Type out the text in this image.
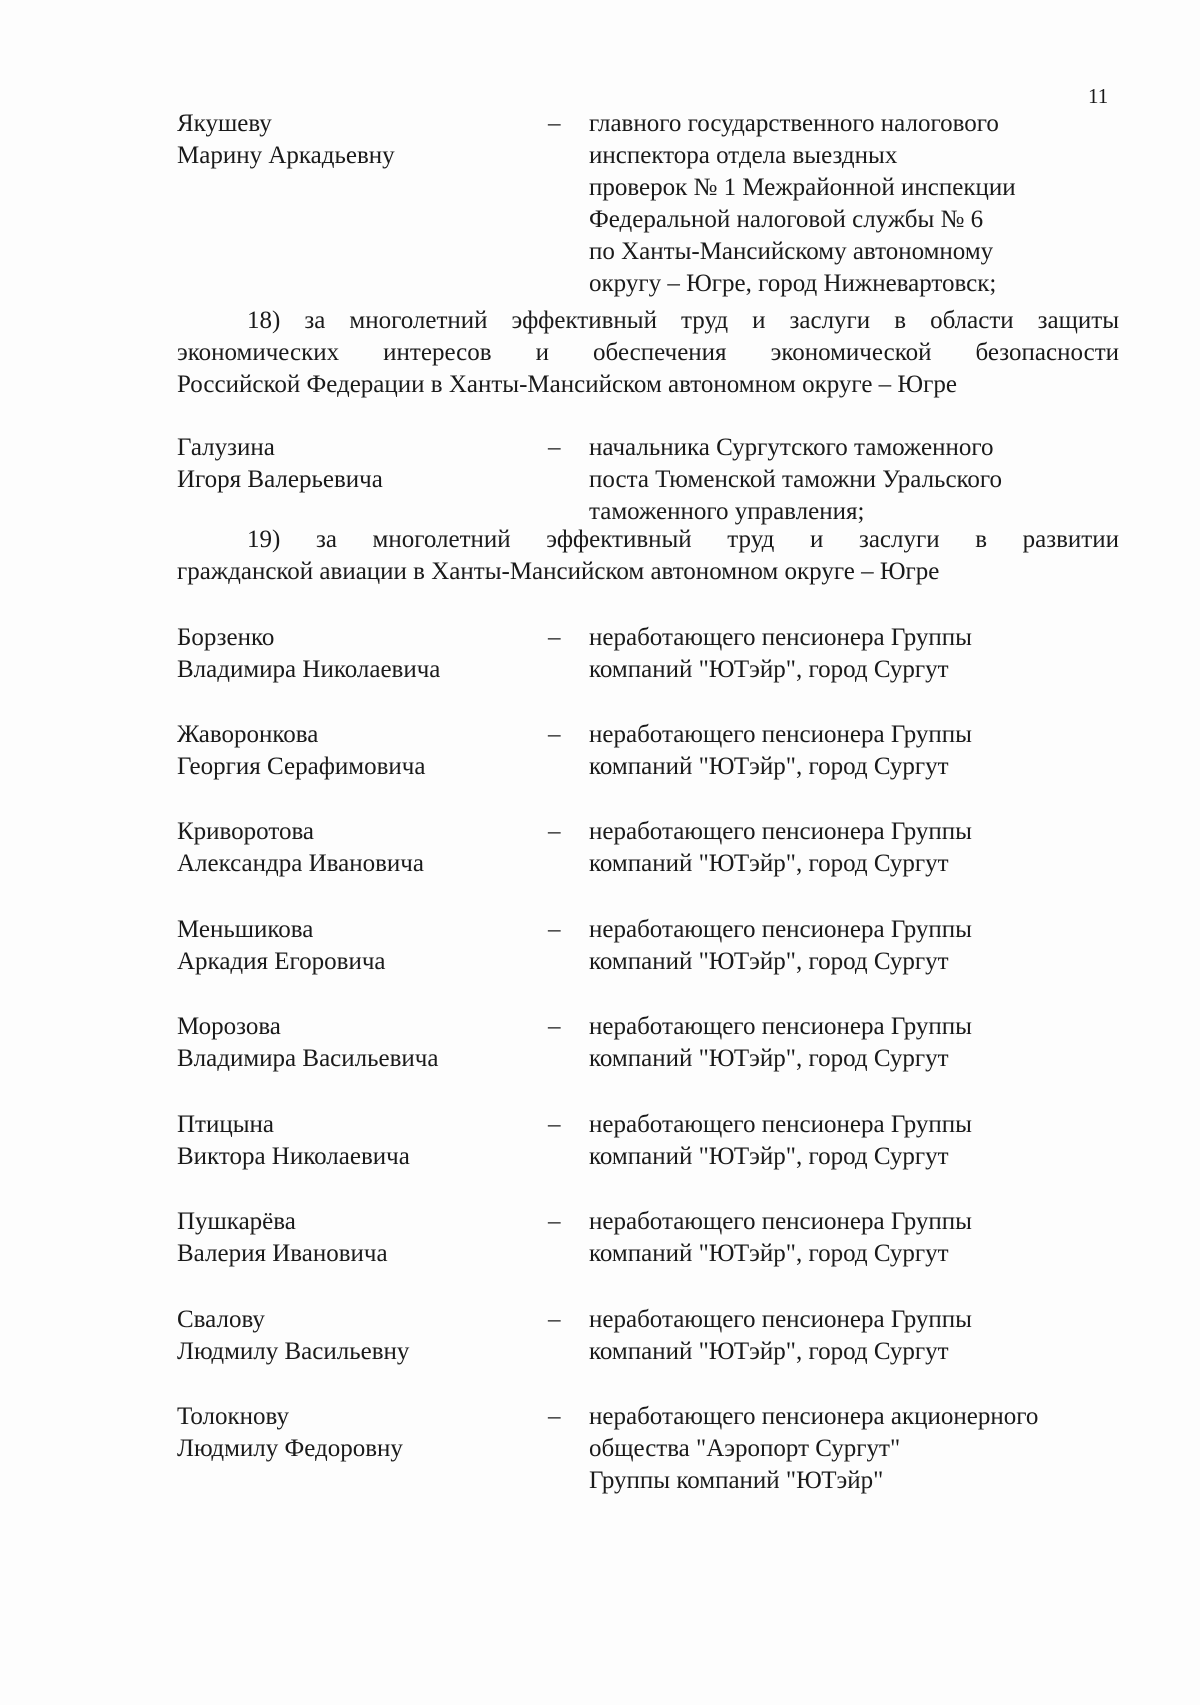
11
Якушеву
Марину Аркадьевну
– главного государственного налогового
инспектора отдела выездных
проверок № 1 Межрайонной инспекции
Федеральной налоговой службы № 6
по Ханты-Мансийскому автономному
округу – Югре, город Нижневартовск;
18) за многолетний эффективный труд и заслуги в области защиты
экономических интересов и обеспечения экономической безопасности
Российской Федерации в Ханты-Мансийском автономном округе – Югре
Галузина
Игоря Валерьевича
– начальника Сургутского таможенного
поста Тюменской таможни Уральского
таможенного управления;
19) за многолетний эффективный труд и заслуги в развитии
гражданской авиации в Ханты-Мансийском автономном округе – Югре
Борзенко
Владимира Николаевича
– неработающего пенсионера Группы
компаний "ЮТэйр", город Сургут
Жаворонкова
Георгия Серафимовича
– неработающего пенсионера Группы
компаний "ЮТэйр", город Сургут
Криворотова
Александра Ивановича
– неработающего пенсионера Группы
компаний "ЮТэйр", город Сургут
Меньшикова
Аркадия Егоровича
– неработающего пенсионера Группы
компаний "ЮТэйр", город Сургут
Морозова
Владимира Васильевича
– неработающего пенсионера Группы
компаний "ЮТэйр", город Сургут
Птицына
Виктора Николаевича
– неработающего пенсионера Группы
компаний "ЮТэйр", город Сургут
Пушкарёва
Валерия Ивановича
– неработающего пенсионера Группы
компаний "ЮТэйр", город Сургут
Свалову
Людмилу Васильевну
– неработающего пенсионера Группы
компаний "ЮТэйр", город Сургут
Толокнову
Людмилу Федоровну
– неработающего пенсионера акционерного
общества "Аэропорт Сургут"
Группы компаний "ЮТэйр"
